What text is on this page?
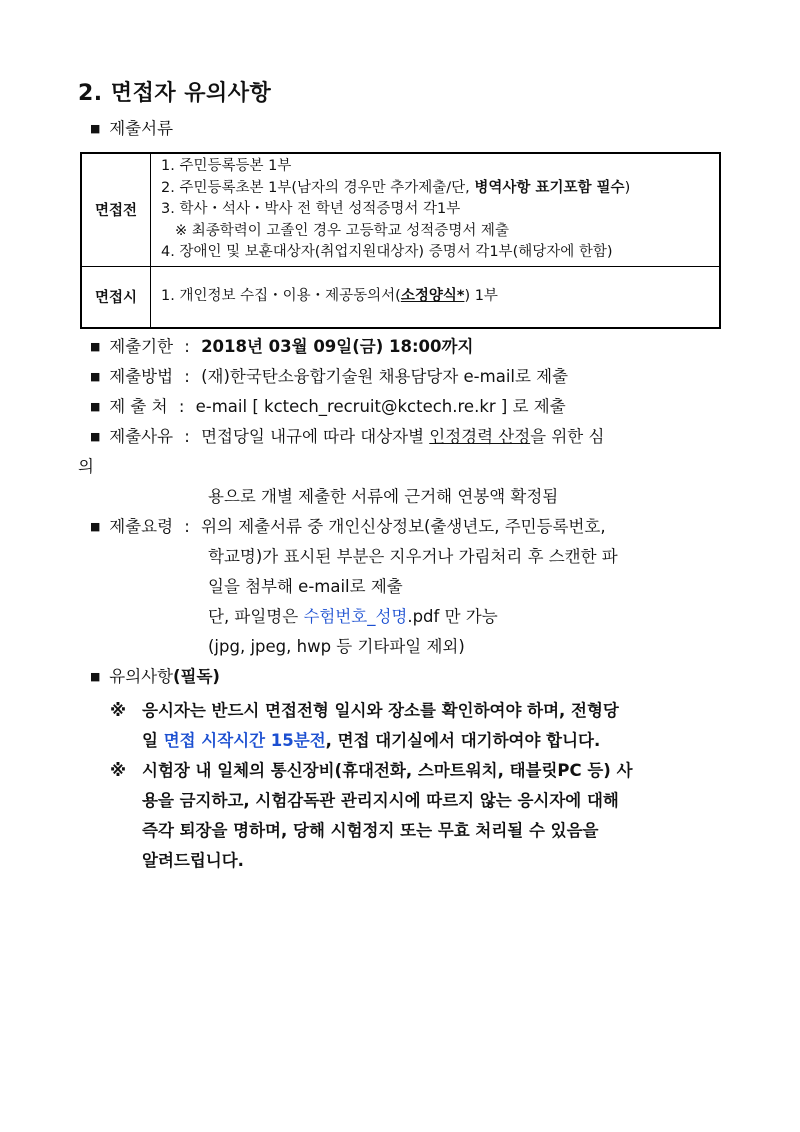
2. 면접자 유의사항
■ 제출서류
면접전	1. 주민등록등본 1부
2. 주민등록초본 1부(남자의 경우만 추가제출/단, 병역사항 표기포함 필수)
3. 학사・석사・박사 전 학년 성적증명서 각1부
※ 최종학력이 고졸인 경우 고등학교 성적증명서 제출
4. 장애인 및 보훈대상자(취업지원대상자) 증명서 각1부(해당자에 한함)

면접시	1. 개인정보 수집・이용・제공동의서(소정양식*) 1부
■ 제출기한 : 2018년 03월 09일(금) 18:00까지
■ 제출방법 : (재)한국탄소융합기술원 채용담당자 e-mail로 제출
■ 제 출 처 : e-mail [ kctech_recruit@kctech.re.kr ] 로 제출
■ 제출사유 : 면접당일 내규에 따라 대상자별 인정경력 산정을 위한 심
의
용으로 개별 제출한 서류에 근거해 연봉액 확정됨
■ 제출요령 : 위의 제출서류 중 개인신상정보(출생년도, 주민등록번호,
학교명)가 표시된 부분은 지우거나 가림처리 후 스캔한 파
일을 첨부해 e-mail로 제출
단, 파일명은 수험번호_성명.pdf 만 가능
(jpg, jpeg, hwp 등 기타파일 제외)
■ 유의사항(필독)
※ 응시자는 반드시 면접전형 일시와 장소를 확인하여야 하며, 전형당
일 면접 시작시간 15분전, 면접 대기실에서 대기하여야 합니다.
※ 시험장 내 일체의 통신장비(휴대전화, 스마트워치, 태블릿PC 등) 사
용을 금지하고, 시험감독관 관리지시에 따르지 않는 응시자에 대해
즉각 퇴장을 명하며, 당해 시험정지 또는 무효 처리될 수 있음을
알려드립니다.
